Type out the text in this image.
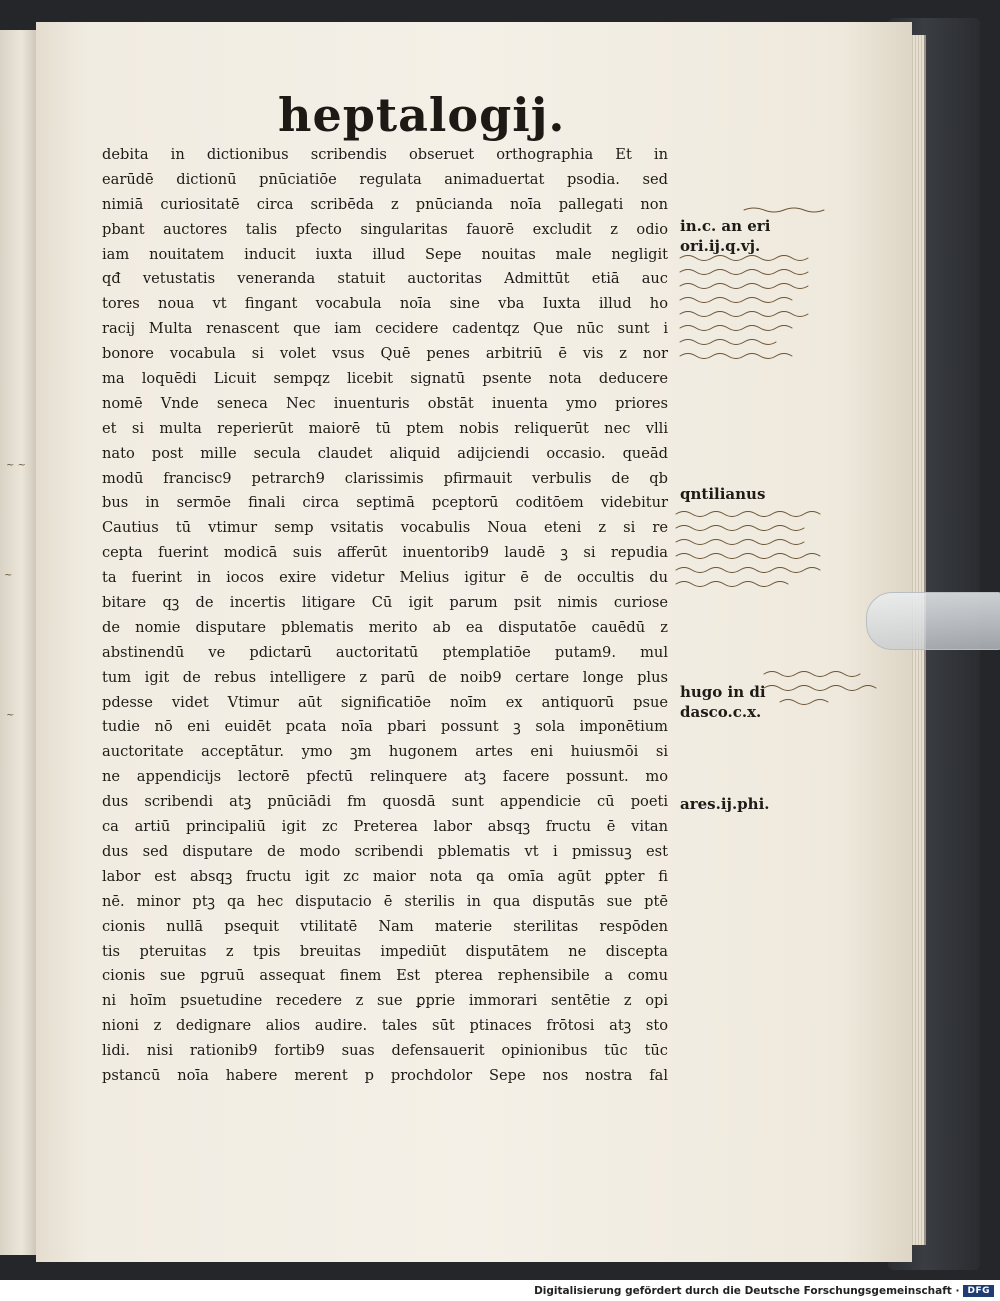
~ ~
~
~
heptalogij.
debita in dictionibus scribendis obseruet orthographia Et in
earūdē dictionū pnūciatiōe regulata animaduertat psodia. sed
nimiā curiositatē circa scribēda z pnūcianda noīa pallegati non
pbant auctores talis pfecto singularitas fauorē excludit z odio
iam nouitatem inducit iuxta illud Sepe nouitas male negligit
qđ vetustatis veneranda statuit auctoritas Admittūt etiā auc
tores noua vt fingant vocabula noīa sine vba Iuxta illud ho
racij Multa renascent que iam cecidere cadentqz Que nūc sunt i
bonore vocabula si volet vsus Quē penes arbitriū ē vis z nor
ma loquēdi Licuit sempqz licebit signatū psente nota deducere
nomē Vnde seneca Nec inuenturis obstāt inuenta ymo priores
et si multa reperierūt maiorē tū ptem nobis reliquerūt nec vlli
nato post mille secula claudet aliquid adijciendi occasio. queād
modū francisc9 petrarch9 clarissimis pfirmauit verbulis de qb
bus in sermōe finali circa septimā pceptorū coditōem videbitur
Cautius tū vtimur semp vsitatis vocabulis Noua eteni z si re
cepta fuerint modicā suis afferūt inuentorib9 laudē ꝫ si repudia
ta fuerint in iocos exire videtur Melius igitur ē de occultis du
bitare qꝫ de incertis litigare Cū igit parum psit nimis curiose
de nomie disputare pblematis merito ab ea disputatōe cauēdū z
abstinendū ve pdictarū auctoritatū ptemplatiōe putam9. mul
tum igit de rebus intelligere z parū de noib9 certare longe plus
pdesse videt Vtimur aūt significatiōe noīm ex antiquorū psue
tudie nō eni euidēt pcata noīa pbari possunt ꝫ sola imponētium
auctoritate acceptātur. ymo ꝫm hugonem artes eni huiusmōi si
ne appendicijs lectorē pfectū relinquere atꝫ facere possunt. mo
dus scribendi atꝫ pnūciādi fm quosdā sunt appendicie cū poeti
ca artiū principaliū igit zc Preterea labor absqꝫ fructu ē vitan
dus sed disputare de modo scribendi pblematis vt i pmissuꝫ est
labor est absqꝫ fructu igit zc maior nota qa omīa agūt ꝑpter fi
nē. minor ptꝫ qa hec disputacio ē sterilis in qua disputās sue ptē
cionis nullā psequit vtilitatē Nam materie sterilitas respōden
tis pteruitas z tpis breuitas impediūt disputātem ne discepta
cionis sue pgruū assequat finem Est pterea rephensibile a comu
ni hoīm psuetudine recedere z sue ꝑprie immorari sentētie z opi
nioni z dedignare alios audire. tales sūt ptinaces frōtosi atꝫ sto
lidi. nisi rationib9 fortib9 suas defensauerit opinionibus tūc tūc
pstancū noīa habere merent p prochdolor Sepe nos nostra fal
in.c. an eri
ori.ij.q.vj.
qntilianus
hugo in di
dasco.c.x.
ares.ij.phi.
Digitalisierung gefördert durch die Deutsche Forschungsgemeinschaft · DFG
